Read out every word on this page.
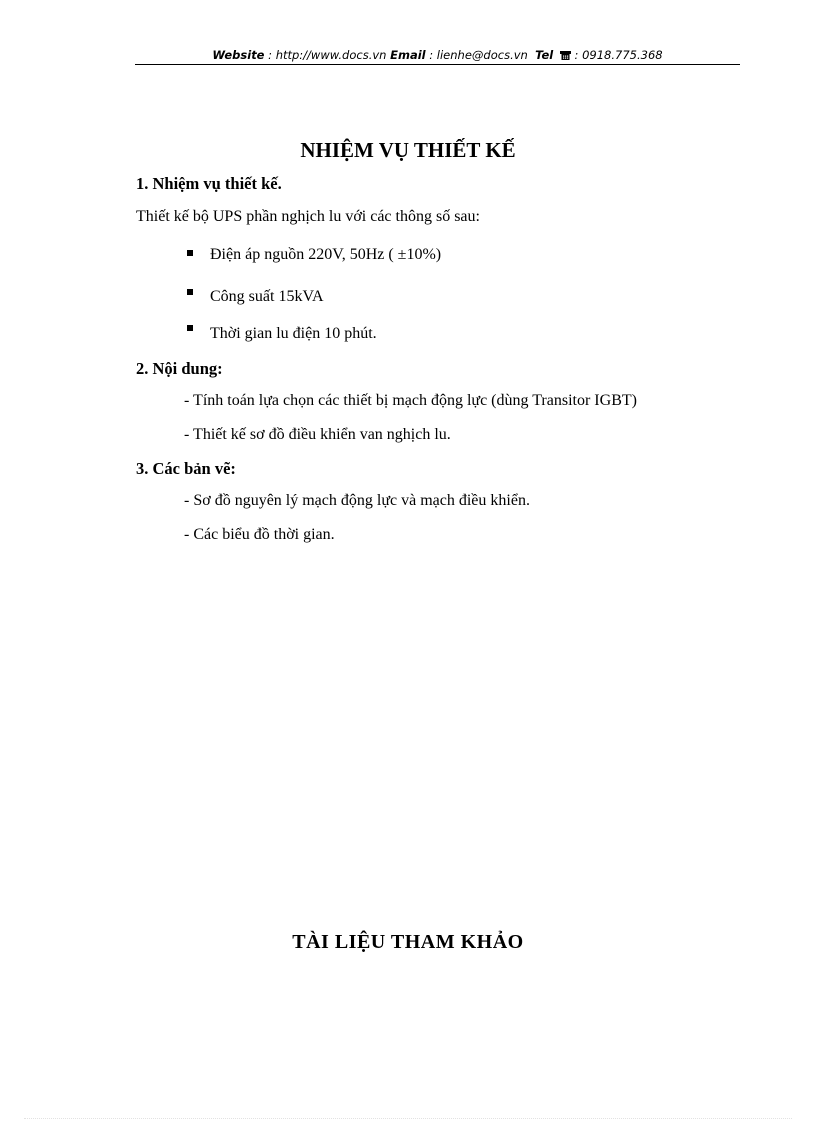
Website : http://www.docs.vn Email : lienhe@docs.vn Tel  : 0918.775.368
NHIỆM VỤ THIẾT KẾ
1. Nhiệm vụ thiết kế.
Thiết kế bộ UPS phần nghịch lu với các thông số sau:
Điện áp nguồn 220V, 50Hz ( ±10%)
Công suất 15kVA
Thời gian lu điện 10 phút.
2. Nội dung:
- Tính toán lựa chọn các thiết bị mạch động lực (dùng Transitor IGBT)
- Thiết kế sơ đồ điều khiển van nghịch lu.
3. Các bản vẽ:
- Sơ đồ nguyên lý mạch động lực và mạch điều khiển.
- Các biểu đồ thời gian.
TÀI LIỆU THAM KHẢO
